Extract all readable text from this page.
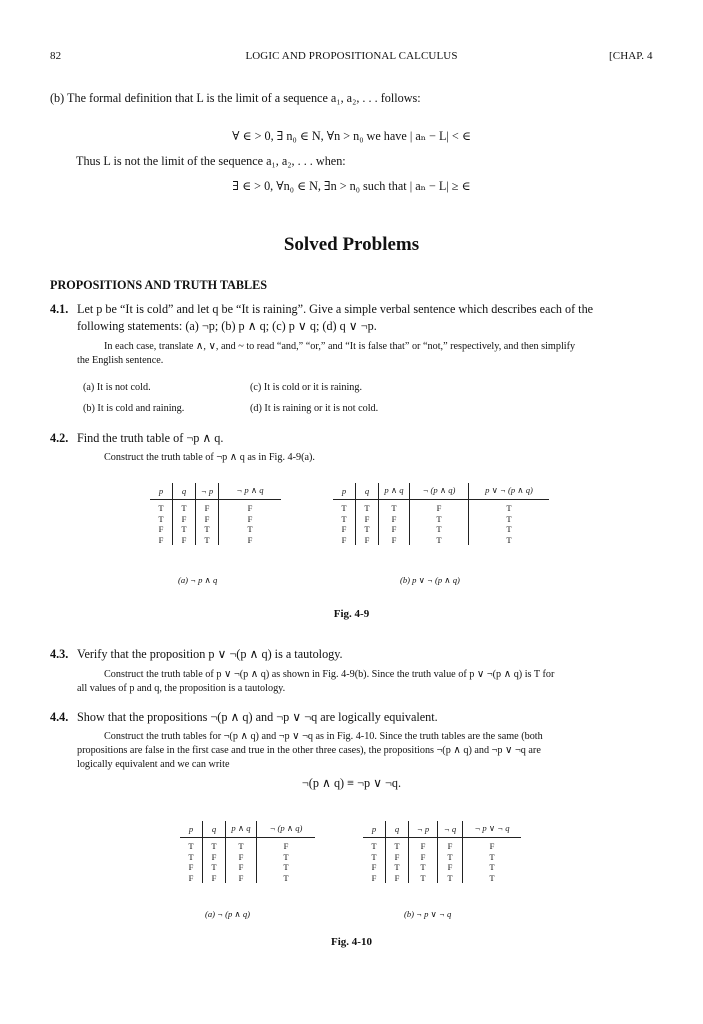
82	LOGIC AND PROPOSITIONAL CALCULUS	[CHAP. 4
(b) The formal definition that L is the limit of a sequence a₁, a₂, . . . follows:
∀ ∈ > 0, ∃ n₀ ∈ N, ∀n > n₀ we have | aₙ − L| < ∈
Thus L is not the limit of the sequence a₁, a₂, . . . when:
∃ ∈ > 0, ∀n₀ ∈ N, ∃n > n₀ such that | aₙ − L| ≥ ∈
Solved Problems
PROPOSITIONS AND TRUTH TABLES
4.1. Let p be “It is cold” and let q be “It is raining”. Give a simple verbal sentence which describes each of the
following statements: (a) ¬p; (b) p ∧ q; (c) p ∨ q; (d) q ∨ ¬p.
In each case, translate ∧, ∨, and ~ to read “and,” “or,” and “It is false that” or “not,” respectively, and then simplify
the English sentence.
(a) It is not cold.	(c) It is cold or it is raining.
(b) It is cold and raining.	(d) It is raining or it is not cold.
4.2. Find the truth table of ¬p ∧ q.
Construct the truth table of ¬p ∧ q as in Fig. 4-9(a).
p	q	¬ p	¬ p ∧ q
T	T	F	F
T	F	F	F
F	T	T	T
F	F	T	F
p	q	p ∧ q	¬ (p ∧ q)	p ∨ ¬ (p ∧ q)
T	T	T	F	T
T	F	F	T	T
F	T	F	T	T
F	F	F	T	T
(a) ¬ p ∧ q	(b) p ∨ ¬ (p ∧ q)
Fig. 4-9
4.3. Verify that the proposition p ∨ ¬(p ∧ q) is a tautology.
Construct the truth table of p ∨ ¬(p ∧ q) as shown in Fig. 4-9(b). Since the truth value of p ∨ ¬(p ∧ q) is T for
all values of p and q, the proposition is a tautology.
4.4. Show that the propositions ¬(p ∧ q) and ¬p ∨ ¬q are logically equivalent.
Construct the truth tables for ¬(p ∧ q) and ¬p ∨ ¬q as in Fig. 4-10. Since the truth tables are the same (both
propositions are false in the first case and true in the other three cases), the propositions ¬(p ∧ q) and ¬p ∨ ¬q are
logically equivalent and we can write
¬(p ∧ q) ≡ ¬p ∨ ¬q.
p	q	p ∧ q	¬ (p ∧ q)
T	T	T	F
T	F	F	T
F	T	F	T
F	F	F	T
p	q	¬ p	¬ q	¬ p ∨ ¬ q
T	T	F	F	F
T	F	F	T	T
F	T	T	F	T
F	F	T	T	T
(a) ¬ (p ∧ q)	(b) ¬ p ∨ ¬ q
Fig. 4-10
